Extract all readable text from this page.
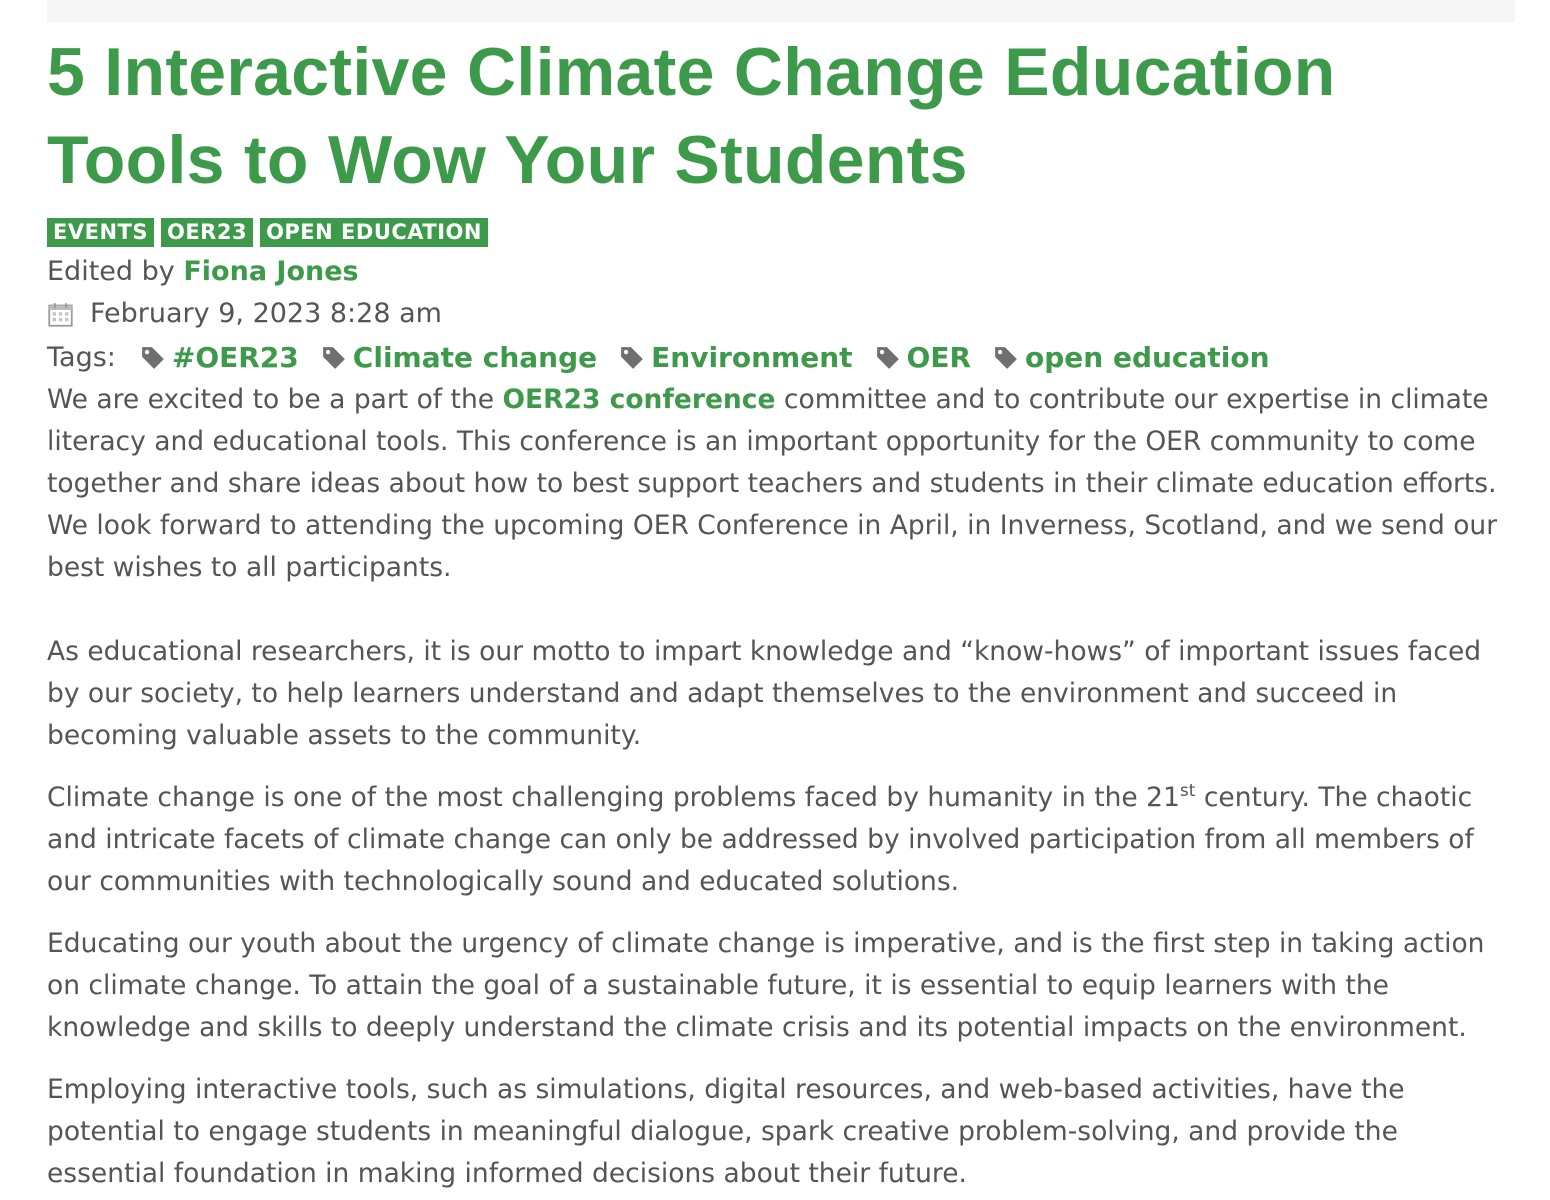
5 Interactive Climate Change Education Tools to Wow Your Students
EVENTS OER23 OPEN EDUCATION
Edited by Fiona Jones
February 9, 2023 8:28 am
Tags: #OER23 Climate change Environment OER open education

We are excited to be a part of the OER23 conference committee and to contribute our expertise in climate literacy and educational tools. This conference is an important opportunity for the OER community to come together and share ideas about how to best support teachers and students in their climate education efforts. We look forward to attending the upcoming OER Conference in April, in Inverness, Scotland, and we send our best wishes to all participants.

As educational researchers, it is our motto to impart knowledge and “know-hows” of important issues faced by our society, to help learners understand and adapt themselves to the environment and succeed in becoming valuable assets to the community.

Climate change is one of the most challenging problems faced by humanity in the 21st century. The chaotic and intricate facets of climate change can only be addressed by involved participation from all members of our communities with technologically sound and educated solutions.

Educating our youth about the urgency of climate change is imperative, and is the first step in taking action on climate change. To attain the goal of a sustainable future, it is essential to equip learners with the knowledge and skills to deeply understand the climate crisis and its potential impacts on the environment.

Employing interactive tools, such as simulations, digital resources, and web-based activities, have the potential to engage students in meaningful dialogue, spark creative problem-solving, and provide the essential foundation in making informed decisions about their future.
